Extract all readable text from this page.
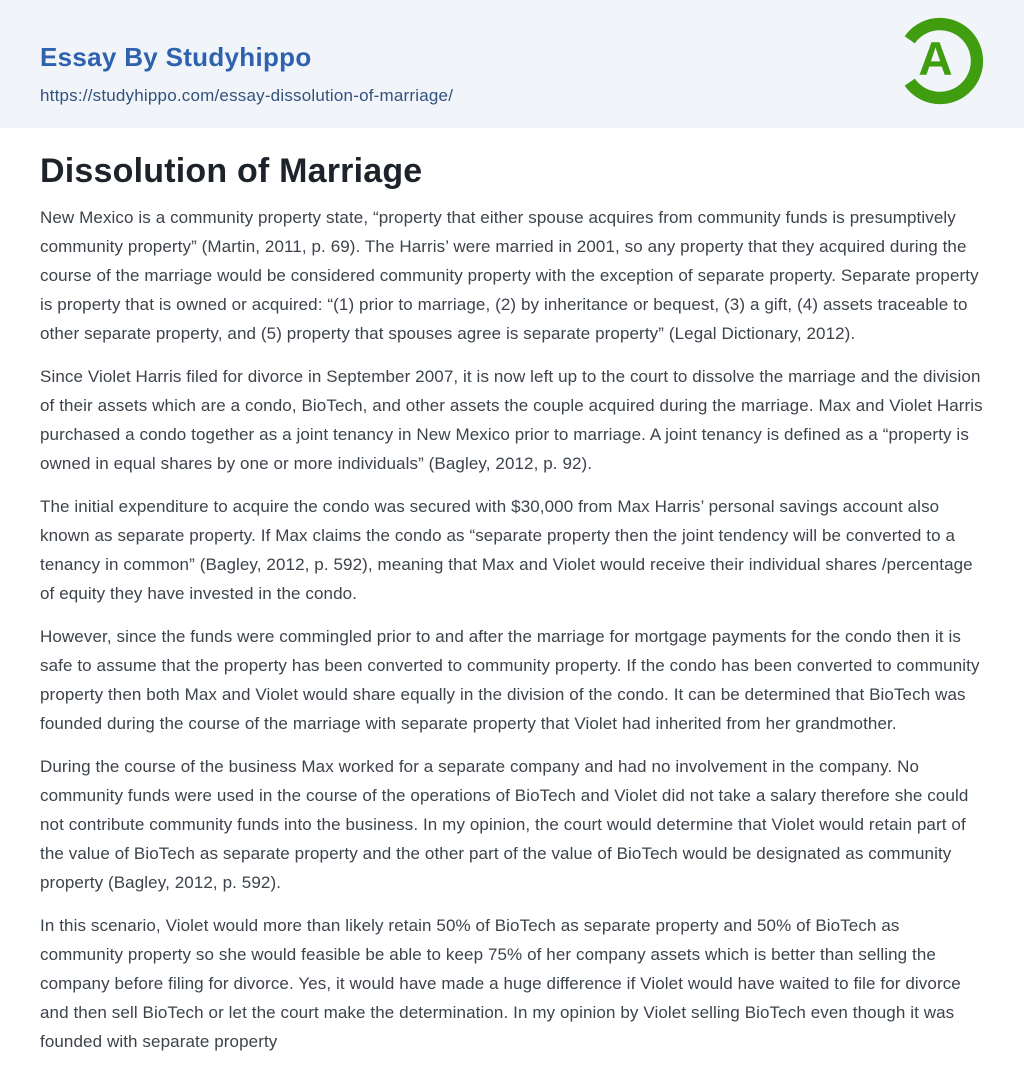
Essay By Studyhippo
https://studyhippo.com/essay-dissolution-of-marriage/
A
Dissolution of Marriage

New Mexico is a community property state, “property that either spouse acquires from community funds is presumptively community property” (Martin, 2011, p. 69). The Harris’ were married in 2001, so any property that they acquired during the course of the marriage would be considered community property with the exception of separate property. Separate property is property that is owned or acquired: “(1) prior to marriage, (2) by inheritance or bequest, (3) a gift, (4) assets traceable to other separate property, and (5) property that spouses agree is separate property” (Legal Dictionary, 2012).

Since Violet Harris filed for divorce in September 2007, it is now left up to the court to dissolve the marriage and the division of their assets which are a condo, BioTech, and other assets the couple acquired during the marriage. Max and Violet Harris purchased a condo together as a joint tenancy in New Mexico prior to marriage. A joint tenancy is defined as a “property is owned in equal shares by one or more individuals” (Bagley, 2012, p. 92).

The initial expenditure to acquire the condo was secured with $30,000 from Max Harris’ personal savings account also known as separate property. If Max claims the condo as “separate property then the joint tendency will be converted to a tenancy in common” (Bagley, 2012, p. 592), meaning that Max and Violet would receive their individual shares /percentage of equity they have invested in the condo.

However, since the funds were commingled prior to and after the marriage for mortgage payments for the condo then it is safe to assume that the property has been converted to community property. If the condo has been converted to community property then both Max and Violet would share equally in the division of the condo. It can be determined that BioTech was founded during the course of the marriage with separate property that Violet had inherited from her grandmother.

During the course of the business Max worked for a separate company and had no involvement in the company. No community funds were used in the course of the operations of BioTech and Violet did not take a salary therefore she could not contribute community funds into the business. In my opinion, the court would determine that Violet would retain part of the value of BioTech as separate property and the other part of the value of BioTech would be designated as community property (Bagley, 2012, p. 592).

In this scenario, Violet would more than likely retain 50% of BioTech as separate property and 50% of BioTech as community property so she would feasible be able to keep 75% of her company assets which is better than selling the company before filing for divorce. Yes, it would have made a huge difference if Violet would have waited to file for divorce and then sell BioTech or let the court make the determination. In my opinion by Violet selling BioTech even though it was founded with separate property
